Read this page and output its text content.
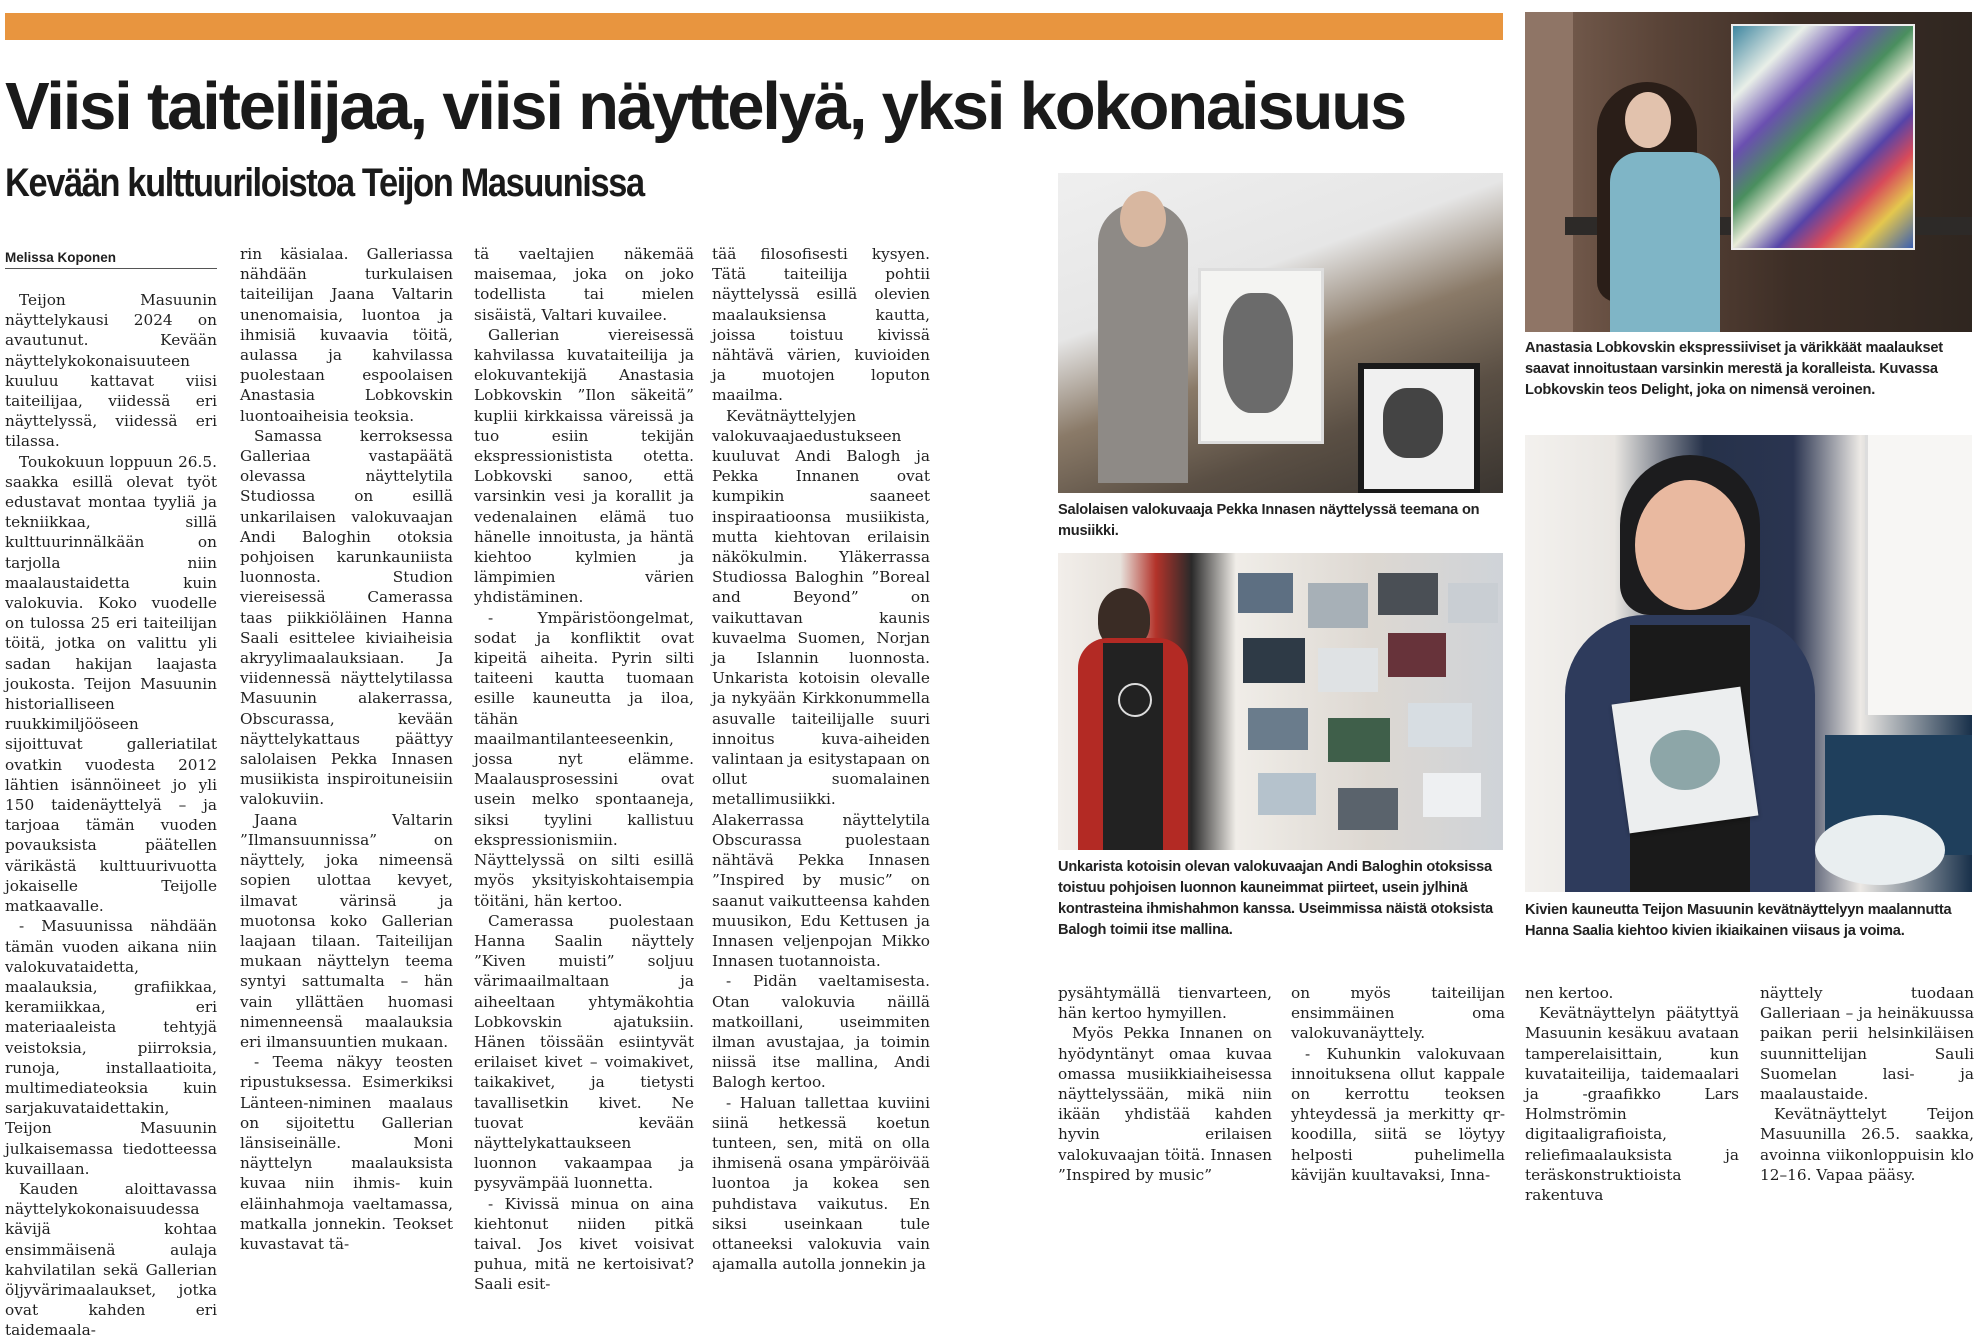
Viisi taiteilijaa, viisi näyttelyä, yksi kokonaisuus
Kevään kulttuuriloistoa Teijon Masuunissa
Melissa Koponen

Teijon Masuunin näyttelykausi 2024 on avautunut. Kevään näyttelykokonaisuuteen kuuluu kattavat viisi taiteilijaa, viidessä eri näyttelyssä, viidessä eri tilassa.

Toukokuun loppuun 26.5. saakka esillä olevat työt edustavat montaa tyyliä ja tekniikkaa, sillä kulttuurinnälkään on tarjolla niin maalaustaidetta kuin valokuvia. Koko vuodelle on tulossa 25 eri taiteilijan töitä, jotka on valittu yli sadan hakijan laajasta joukosta. Teijon Masuunin historialliseen ruukkimiljööseen sijoittuvat galleriatilat ovatkin vuodesta 2012 lähtien isännöineet jo yli 150 taidenäyttelyä – ja tarjoaa tämän vuoden povauksista päätellen värikästä kulttuurivuotta jokaiselle Teijolle matkaavalle.

- Masuunissa nähdään tämän vuoden aikana niin valokuvataidetta, maalauksia, grafiikkaa, keramiikkaa, eri materiaaleista tehtyjä veistoksia, piirroksia, runoja, installaatioita, multimediateoksia kuin sarjakuvataidettakin, Teijon Masuunin julkaisemassa tiedotteessa kuvaillaan.

Kauden aloittavassa näyttelykokonaisuudessa kävijä kohtaa ensimmäisenä aulaja kahvilatilan sekä Gallerian öljyvärimaalaukset, jotka ovat kahden eri taidemaala-

rin käsialaa. Galleriassa nähdään turkulaisen taiteilijan Jaana Valtarin unenomaisia, luontoa ja ihmisiä kuvaavia töitä, aulassa ja kahvilassa puolestaan espoolaisen Anastasia Lobkovskin luontoaiheisia teoksia.

Samassa kerroksessa Galleriaa vastapäätä olevassa näyttelytila Studiossa on esillä unkarilaisen valokuvaajan Andi Baloghin otoksia pohjoisen karunkauniista luonnosta. Studion viereisessä Camerassa taas piikkiöläinen Hanna Saali esittelee kiviaiheisia akryylimaalauksiaan. Ja viidennessä näyttelytilassa Masuunin alakerrassa, Obscurassa, kevään näyttelykattaus päättyy salolaisen Pekka Innasen musiikista inspiroituneisiin valokuviin.

Jaana Valtarin ”Ilmansuunnissa” on näyttely, joka nimeensä sopien ulottaa kevyet, ilmavat värinsä ja muotonsa koko Gallerian laajaan tilaan. Taiteilijan mukaan näyttelyn teema syntyi sattumalta – hän vain yllättäen huomasi nimenneensä maalauksia eri ilmansuuntien mukaan.

- Teema näkyy teosten ripustuksessa. Esimerkiksi Länteen-niminen maalaus on sijoitettu Gallerian länsiseinälle. Moni näyttelyn maalauksista kuvaa niin ihmis- kuin eläinhahmoja vaeltamassa, matkalla jonnekin. Teokset kuvastavat tä-

tä vaeltajien näkemää maisemaa, joka on joko todellista tai mielen sisäistä, Valtari kuvailee.

Gallerian viereisessä kahvilassa kuvataiteilija ja elokuvantekijä Anastasia Lobkovskin ”Ilon säkeitä” kuplii kirkkaissa väreissä ja tuo esiin tekijän ekspressionistista otetta. Lobkovski sanoo, että varsinkin vesi ja korallit ja vedenalainen elämä tuo hänelle innoitusta, ja häntä kiehtoo kylmien ja lämpimien värien yhdistäminen.

- Ympäristöongelmat, sodat ja konfliktit ovat kipeitä aiheita. Pyrin silti taiteeni kautta tuomaan esille kauneutta ja iloa, tähän maailmantilanteeseenkin, jossa nyt elämme. Maalausprosessini ovat usein melko spontaaneja, siksi tyylini kallistuu ekspressionismiin. Näyttelyssä on silti esillä myös yksityiskohtaisempia töitäni, hän kertoo.

Camerassa puolestaan Hanna Saalin näyttely ”Kiven muisti” soljuu värimaailmaltaan ja aiheeltaan yhtymäkohtia Lobkovskin ajatuksiin. Hänen töissään esiintyvät erilaiset kivet – voimakivet, taikakivet, ja tietysti tavallisetkin kivet. Ne tuovat kevään näyttelykattaukseen luonnon vakaampaa ja pysyvämpää luonnetta.

- Kivissä minua on aina kiehtonut niiden pitkä taival. Jos kivet voisivat puhua, mitä ne kertoisivat? Saali esit-

tää filosofisesti kysyen. Tätä taiteilija pohtii näyttelyssä esillä olevien maalauksiensa kautta, joissa toistuu kivissä nähtävä värien, kuvioiden ja muotojen loputon maailma.

Kevätnäyttelyjen valokuvaajaedustukseen kuuluvat Andi Balogh ja Pekka Innanen ovat kumpikin saaneet inspiraatioonsa musiikista, mutta kiehtovan erilaisin näkökulmin. Yläkerrassa Studiossa Baloghin ”Boreal and Beyond” on vaikuttavan kaunis kuvaelma Suomen, Norjan ja Islannin luonnosta. Unkarista kotoisin olevalle ja nykyään Kirkkonummella asuvalle taiteilijalle suuri innoitus kuva-aiheiden valintaan ja esitystapaan on ollut suomalainen metallimusiikki. Alakerrassa näyttelytila Obscurassa puolestaan nähtävä Pekka Innasen ”Inspired by music” on saanut vaikutteensa kahden muusikon, Edu Kettusen ja Innasen veljenpojan Mikko Innasen tuotannoista.

- Pidän vaeltamisesta. Otan valokuvia näillä matkoillani, useimmiten ilman avustajaa, ja toimin niissä itse mallina, Andi Balogh kertoo.

- Haluan tallettaa kuviini siinä hetkessä koetun tunteen, sen, mitä on olla ihmisenä osana ympäröivää luontoa ja kokea sen puhdistava vaikutus. En siksi useinkaan tule ottaneeksi valokuvia vain ajamalla autolla jonnekin ja

Salolaisen valokuvaaja Pekka Innasen näyttelyssä teemana on musiikki.
Unkarista kotoisin olevan valokuvaajan Andi Baloghin otoksissa toistuu pohjoisen luonnon kauneimmat piirteet, usein jylhinä kontrasteina ihmishahmon kanssa. Useimmissa näistä otoksista Balogh toimii itse mallina.
Anastasia Lobkovskin ekspressiiviset ja värikkäät maalaukset saavat innoitustaan varsinkin merestä ja koralleista. Kuvassa Lobkovskin teos Delight, joka on nimensä veroinen.
Kivien kauneutta Teijon Masuunin kevätnäyttelyyn maalannutta Hanna Saalia kiehtoo kivien ikiaikainen viisaus ja voima.

pysähtymällä tienvarteen, hän kertoo hymyillen.

Myös Pekka Innanen on hyödyntänyt omaa kuvaa omassa musiikkiaiheisessa näyttelyssään, mikä niin ikään yhdistää kahden hyvin erilaisen valokuvaajan töitä. Innasen ”Inspired by music”

on myös taiteilijan ensimmäinen oma valokuvanäyttely.

- Kuhunkin valokuvaan innoituksena ollut kappale on kerrottu teoksen yhteydessä ja merkitty qr-koodilla, siitä se löytyy helposti puhelimella kävijän kuultavaksi, Inna-

nen kertoo.

Kevätnäyttelyn päätyttyä Masuunin kesäkuu avataan tamperelaisittain, kun kuvataiteilija, taidemaalari ja -graafikko Lars Holmströmin digitaaligrafioista, reliefimaalauksista ja teräskonstruktioista rakentuva

näyttely tuodaan Galleriaan – ja heinäkuussa paikan perii helsinkiläisen suunnittelijan Sauli Suomelan lasi- ja maalaustaide.

Kevätnäyttelyt Teijon Masuunilla 26.5. saakka, avoinna viikonloppuisin klo 12–16. Vapaa pääsy.
